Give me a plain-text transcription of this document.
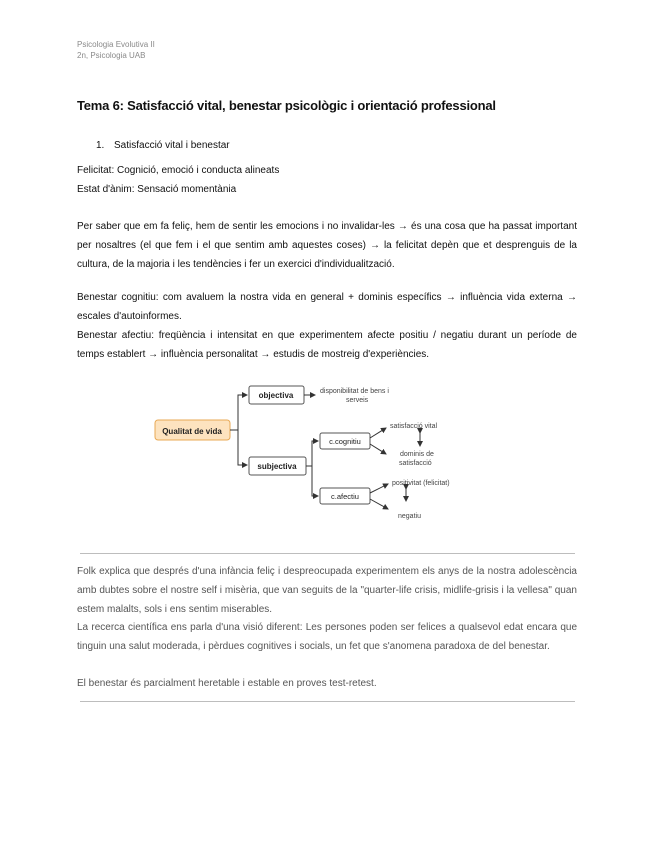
Psicologia Evolutiva II
2n, Psicologia UAB
Tema 6: Satisfacció vital, benestar psicològic i orientació professional
1. Satisfacció vital i benestar
Felicitat: Cognició, emoció i conducta alineats
Estat d'ànim: Sensació momentània
Per saber que em fa feliç, hem de sentir les emocions i no invalidar-les → és una cosa que ha passat important per nosaltres (el que fem i el que sentim amb aquestes coses) → la felicitat depèn que et desprenguis de la cultura, de la majoria i les tendències i fer un exercici d'individualització.
Benestar cognitiu: com avaluem la nostra vida en general + dominis específics → influència vida externa → escales d'autoinformes.
Benestar afectiu: freqüència i intensitat en que experimentem afecte positiu / negatiu durant un període de temps establert → influència personalitat → estudis de mostreig d'experiències.
Qualitat de vida
objectiva	disponibilitat de bens i
serveis
subjectiva
c.cognitiu
satisfacció vital
dominis de
satisfacció
c.afectiu
positivitat (felicitat)
negatiu
Folk explica que després d'una infància feliç i despreocupada experimentem els anys de la nostra adolescència amb dubtes sobre el nostre self i misèria, que van seguits de la "quarter-life crisis, midlife-grisis i la vellesa" quan estem malalts, sols i ens sentim miserables.
La recerca científica ens parla d'una visió diferent: Les persones poden ser felices a qualsevol edat encara que tinguin una salut moderada, i pèrdues cognitives i socials, un fet que s'anomena paradoxa de del benestar.
El benestar és parcialment heretable i estable en proves test-retest.
